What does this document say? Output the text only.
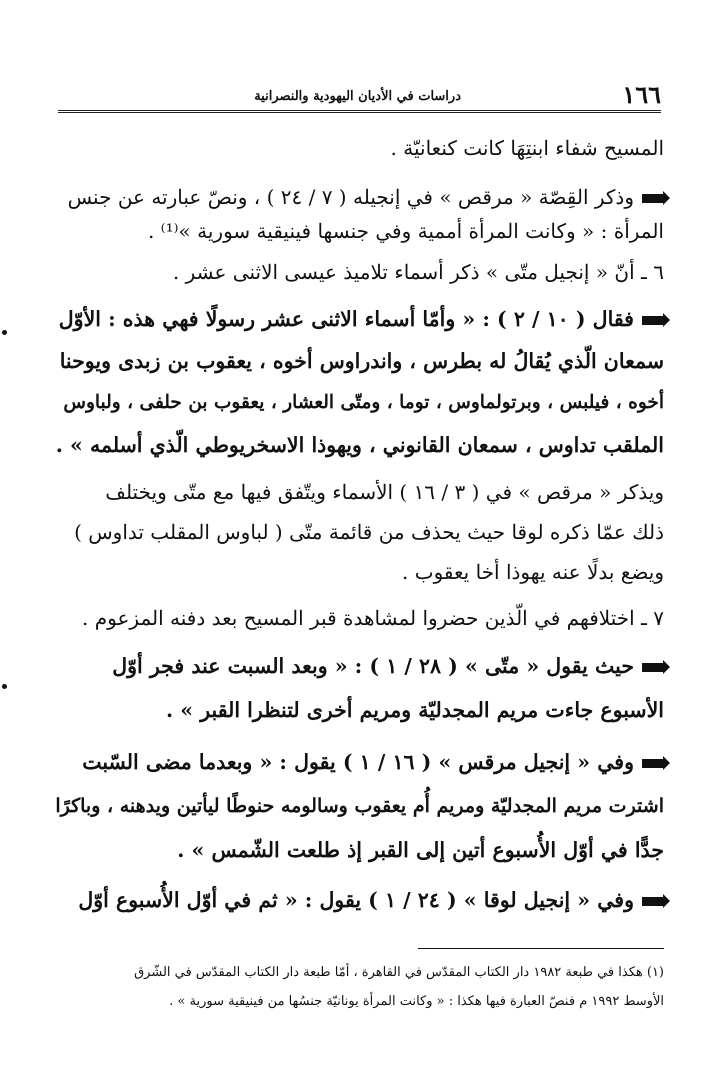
١٦٦
دراسات في الأديان اليهودية والنصرانية

المسيح شفاء ابنتِهَا كانت كنعانيّة .

وذكر القِصّة « مرقص » في إنجيله ( ٧ / ٢٤ ) ، ونصّ عبارته عن جنس
المرأة : « وكانت المرأة أممية وفي جنسها فينيقية سورية »⁽¹⁾ .

٦ ـ أنّ « إنجيل متّى » ذكر أسماء تلاميذ عيسى الاثنى عشر .

فقال ( ١٠ / ٢ ) : « وأمّا أسماء الاثنى عشر رسولًا فهي هذه : الأوّل
سمعان الّذي يُقالُ له بطرس ، واندراوس أخوه ، يعقوب بن زبدى ويوحنا
أخوه ، فيلبس ، وبرتولماوس ، توما ، ومتّى العشار ، يعقوب بن حلفى ، ولباوس
الملقب تداوس ، سمعان القانوني ، ويهوذا الاسخريوطي الّذي أسلمه » .

ويذكر « مرقص » في ( ٣ / ١٦ ) الأسماء ويتّفق فيها مع متّى ويختلف
ذلك عمّا ذكره لوقا حيث يحذف من قائمة متّى ( لباوس المقلب تداوس )
ويضع بدلًا عنه يهوذا أخا يعقوب .

٧ ـ اختلافهم في الّذين حضروا لمشاهدة قبر المسيح بعد دفنه المزعوم .

حيث يقول « متّى » ( ٢٨ / ١ ) : « وبعد السبت عند فجر أوّل
الأسبوع جاءت مريم المجدليّة ومريم أخرى لتنظرا القبر » .

وفي « إنجيل مرقس » ( ١٦ / ١ ) يقول : « وبعدما مضى السّبت
اشترت مريم المجدليّة ومريم أُم يعقوب وسالومه حنوطًا ليأتين ويدهنه ، وباكرًا
جدًّا في أوّل الأُسبوع أتين إلى القبر إذ طلعت الشّمس » .

وفي « إنجيل لوقا » ( ٢٤ / ١ ) يقول : « ثم في أوّل الأُسبوع أوّل

(١) هكذا في طبعة ١٩٨٢ دار الكتاب المقدّس في القاهرة ، أمّا طبعة دار الكتاب المقدّس في الشّرق
الأوسط ١٩٩٢ م فنصّ العبارة فيها هكذا : « وكانت المرأة يونانيّة جنسُها من فينيقية سورية » .
